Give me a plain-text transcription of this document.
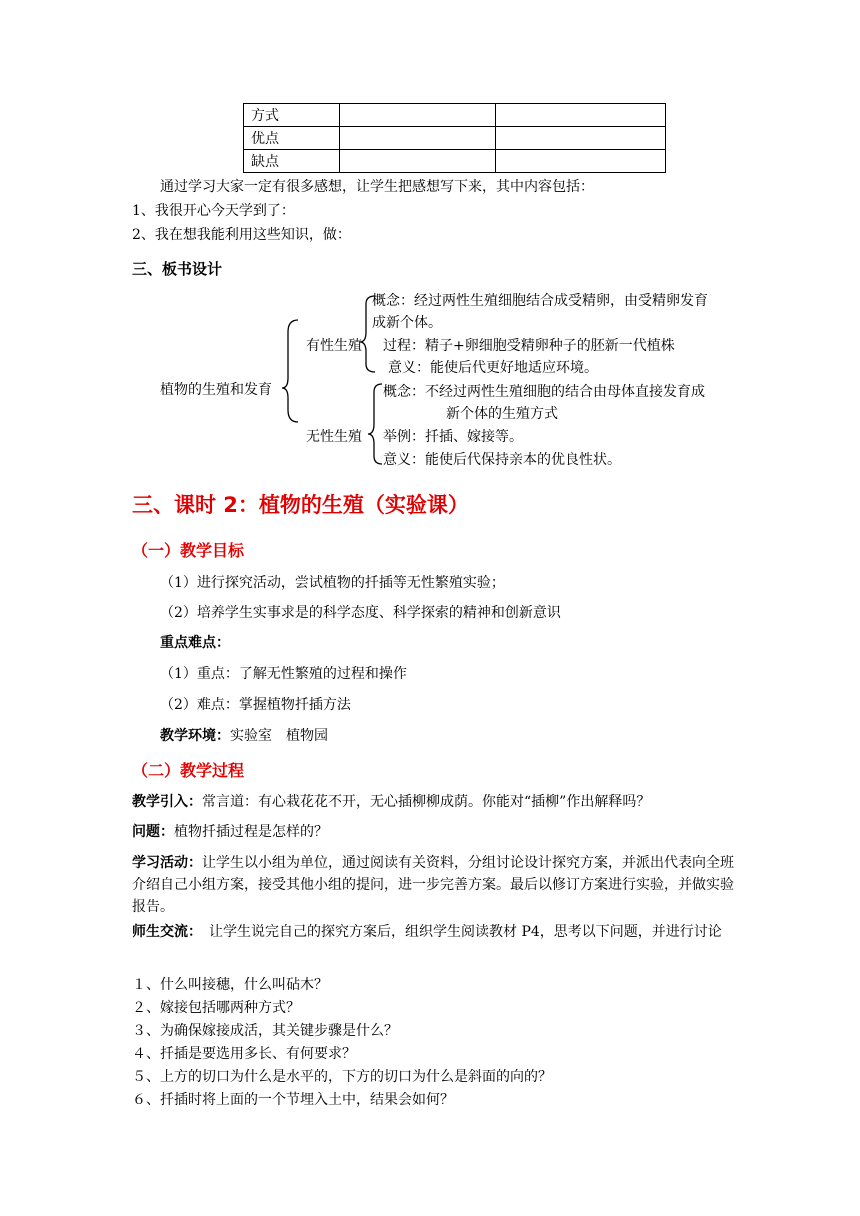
方式		
优点		
缺点		
通过学习大家一定有很多感想，让学生把感想写下来，其中内容包括：
1、我很开心今天学到了：
2、我在想我能利用这些知识，做：
三、板书设计
植物的生殖和发育
有性生殖
概念：经过两性生殖细胞结合成受精卵，由受精卵发育
成新个体。
过程：精子+卵细胞受精卵种子的胚新一代植株
意义：能使后代更好地适应环境。
无性生殖
概念：不经过两性生殖细胞的结合由母体直接发育成
新个体的生殖方式
举例：扦插、嫁接等。
意义：能使后代保持亲本的优良性状。
三、课时 2：植物的生殖（实验课）
（一）教学目标
（1）进行探究活动，尝试植物的扦插等无性繁殖实验；
（2）培养学生实事求是的科学态度、科学探索的精神和创新意识
重点难点：
（1）重点：了解无性繁殖的过程和操作
（2）难点：掌握植物扦插方法
教学环境：实验室　植物园
（二）教学过程
教学引入：常言道：有心栽花花不开，无心插柳柳成荫。你能对“插柳”作出解释吗？
问题：植物扦插过程是怎样的？
学习活动：让学生以小组为单位，通过阅读有关资料，分组讨论设计探究方案，并派出代表向全班介绍自己小组方案，接受其他小组的提问，进一步完善方案。最后以修订方案进行实验，并做实验报告。
师生交流：　让学生说完自己的探究方案后，组织学生阅读教材 P4，思考以下问题，并进行讨论
１、什么叫接穗，什么叫砧木？
２、嫁接包括哪两种方式？
３、为确保嫁接成活，其关键步骤是什么？
４、扦插是要选用多长、有何要求？
５、上方的切口为什么是水平的，下方的切口为什么是斜面的向的？
６、扦插时将上面的一个节埋入土中，结果会如何？
